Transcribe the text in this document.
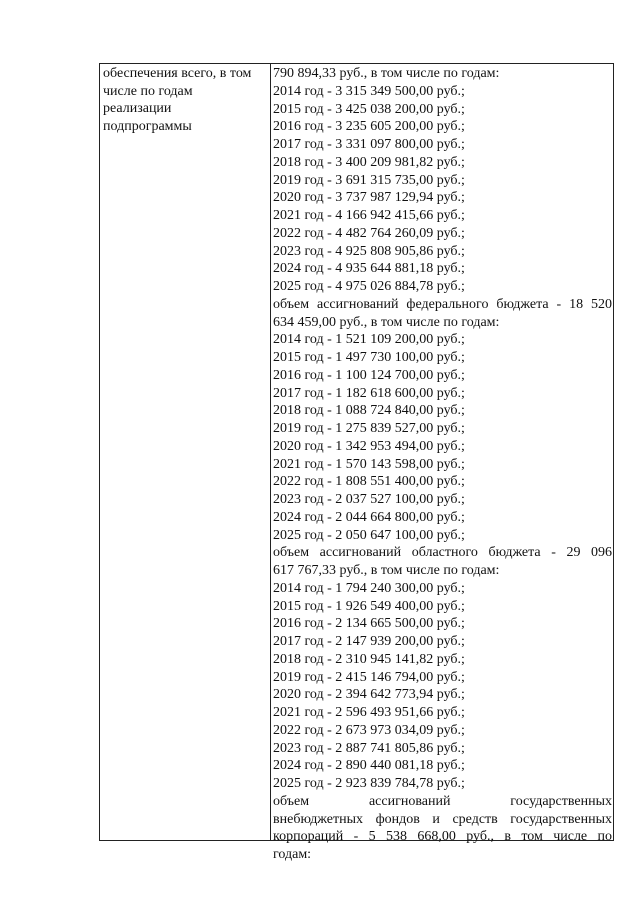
обеспечения всего, в том
числе по годам
реализации
подпрограммы
790 894,33 руб., в том числе по годам:
2014 год - 3 315 349 500,00 руб.;
2015 год - 3 425 038 200,00 руб.;
2016 год - 3 235 605 200,00 руб.;
2017 год - 3 331 097 800,00 руб.;
2018 год - 3 400 209 981,82 руб.;
2019 год - 3 691 315 735,00 руб.;
2020 год - 3 737 987 129,94 руб.;
2021 год - 4 166 942 415,66 руб.;
2022 год - 4 482 764 260,09 руб.;
2023 год - 4 925 808 905,86 руб.;
2024 год - 4 935 644 881,18 руб.;
2025 год - 4 975 026 884,78 руб.;
объем ассигнований федерального бюджета - 18 520
634 459,00 руб., в том числе по годам:
2014 год - 1 521 109 200,00 руб.;
2015 год - 1 497 730 100,00 руб.;
2016 год - 1 100 124 700,00 руб.;
2017 год - 1 182 618 600,00 руб.;
2018 год - 1 088 724 840,00 руб.;
2019 год - 1 275 839 527,00 руб.;
2020 год - 1 342 953 494,00 руб.;
2021 год - 1 570 143 598,00 руб.;
2022 год - 1 808 551 400,00 руб.;
2023 год - 2 037 527 100,00 руб.;
2024 год - 2 044 664 800,00 руб.;
2025 год - 2 050 647 100,00 руб.;
объем ассигнований областного бюджета - 29 096
617 767,33 руб., в том числе по годам:
2014 год - 1 794 240 300,00 руб.;
2015 год - 1 926 549 400,00 руб.;
2016 год - 2 134 665 500,00 руб.;
2017 год - 2 147 939 200,00 руб.;
2018 год - 2 310 945 141,82 руб.;
2019 год - 2 415 146 794,00 руб.;
2020 год - 2 394 642 773,94 руб.;
2021 год - 2 596 493 951,66 руб.;
2022 год - 2 673 973 034,09 руб.;
2023 год - 2 887 741 805,86 руб.;
2024 год - 2 890 440 081,18 руб.;
2025 год - 2 923 839 784,78 руб.;
объем ассигнований государственных
внебюджетных фондов и средств государственных
корпораций - 5 538 668,00 руб., в том числе по
годам:
